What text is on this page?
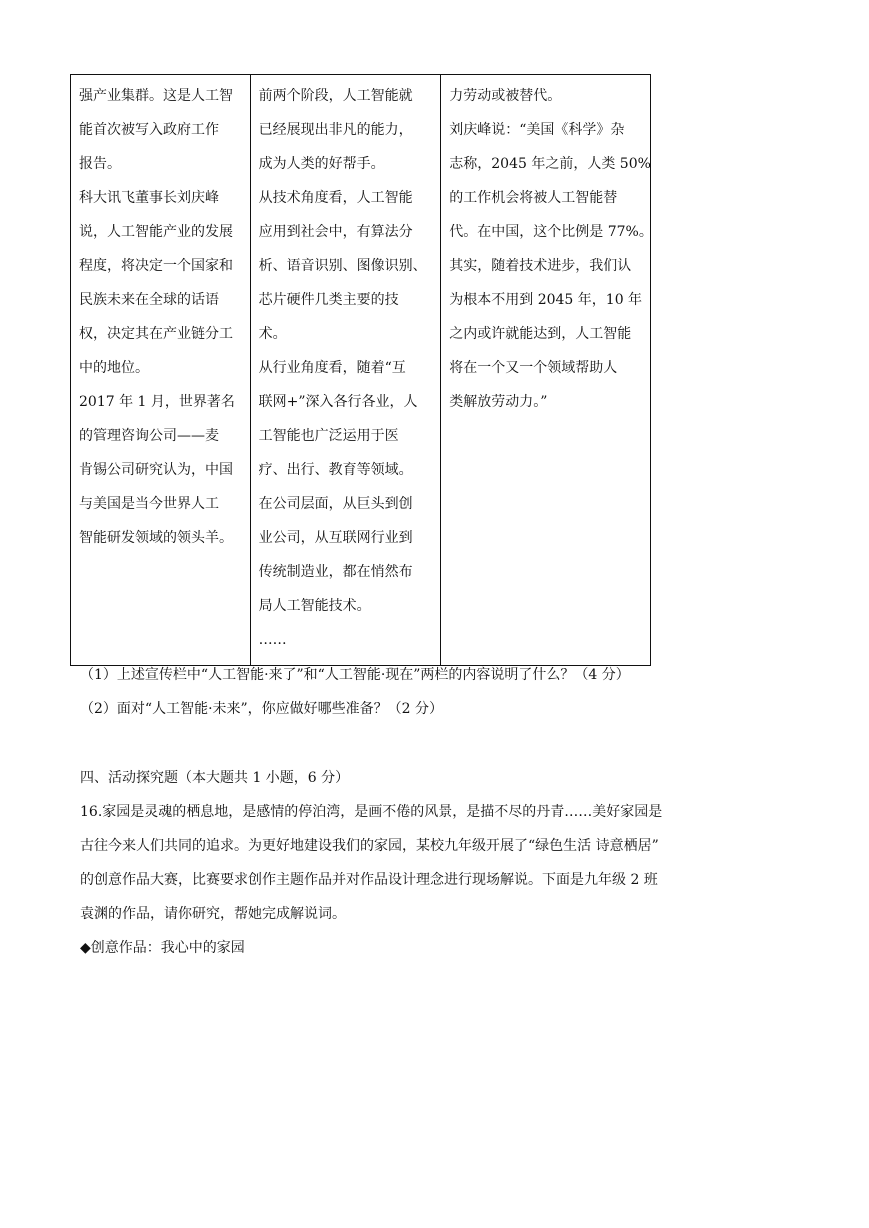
强产业集群。这是人工智
能首次被写入政府工作
报告。
科大讯飞董事长刘庆峰
说，人工智能产业的发展
程度，将决定一个国家和
民族未来在全球的话语
权，决定其在产业链分工
中的地位。
2017 年 1 月，世界著名
的管理咨询公司——麦
肯锡公司研究认为，中国
与美国是当今世界人工
智能研发领域的领头羊。

前两个阶段，人工智能就
已经展现出非凡的能力，
成为人类的好帮手。
从技术角度看，人工智能
应用到社会中，有算法分
析、语音识别、图像识别、
芯片硬件几类主要的技
术。
从行业角度看，随着“互
联网+”深入各行各业，人
工智能也广泛运用于医
疗、出行、教育等领域。
在公司层面，从巨头到创
业公司，从互联网行业到
传统制造业，都在悄然布
局人工智能技术。
……

力劳动或被替代。
刘庆峰说：“美国《科学》杂
志称，2045 年之前，人类 50%
的工作机会将被人工智能替
代。在中国，这个比例是 77%。
其实，随着技术进步，我们认
为根本不用到 2045 年，10 年
之内或许就能达到，人工智能
将在一个又一个领域帮助人
类解放劳动力。”
（1）上述宣传栏中“人工智能·来了”和“人工智能·现在”两栏的内容说明了什么？（4 分）
（2）面对“人工智能·未来”，你应做好哪些准备？（2 分）
四、活动探究题（本大题共 1 小题，6 分）
16.家园是灵魂的栖息地，是感情的停泊湾，是画不倦的风景，是描不尽的丹青……美好家园是
古往今来人们共同的追求。为更好地建设我们的家园，某校九年级开展了“绿色生活 诗意栖居”
的创意作品大赛，比赛要求创作主题作品并对作品设计理念进行现场解说。下面是九年级 2 班
袁渊的作品，请你研究，帮她完成解说词。
◆创意作品：我心中的家园
